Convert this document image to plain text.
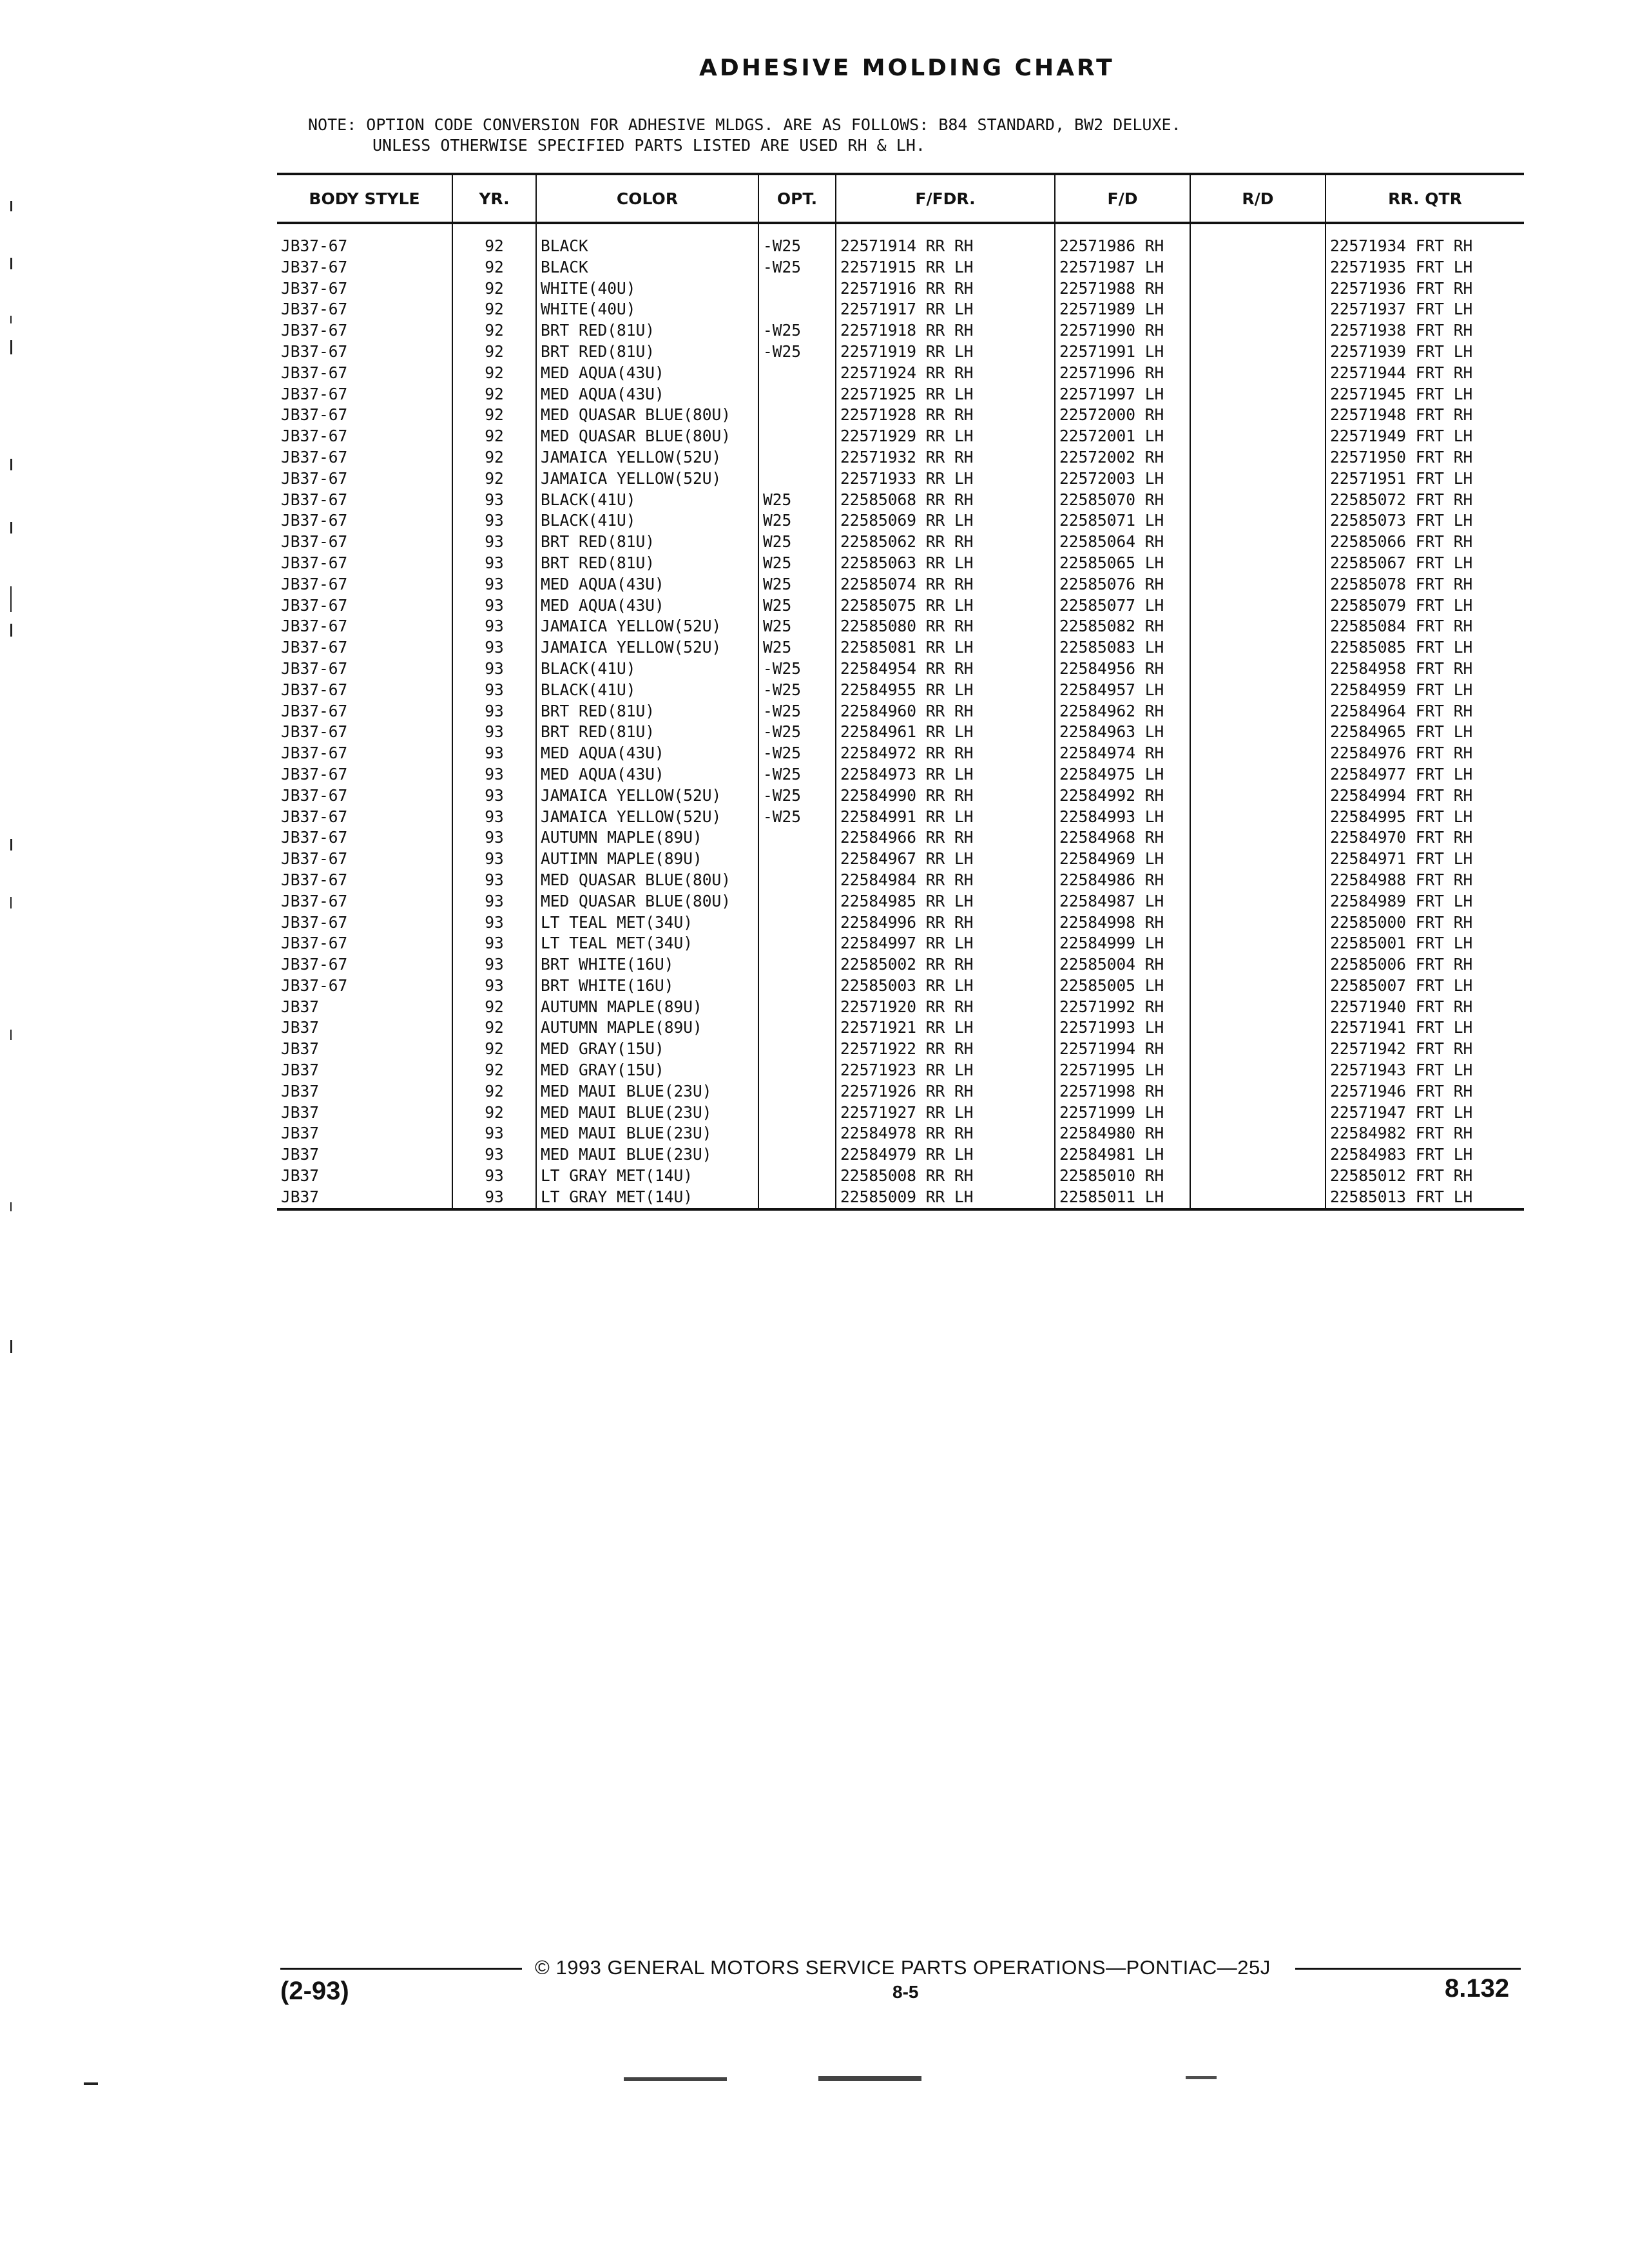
ADHESIVE MOLDING CHART
NOTE: OPTION CODE CONVERSION FOR ADHESIVE MLDGS. ARE AS FOLLOWS: B84 STANDARD, BW2 DELUXE.
UNLESS OTHERWISE SPECIFIED PARTS LISTED ARE USED RH & LH.
BODY STYLE	YR.	COLOR	OPT.	F/FDR.	F/D	R/D	RR. QTR

JB37-67	92	BLACK	-W25	22571914 RR RH	22571986 RH		22571934 FRT RH
JB37-67	92	BLACK	-W25	22571915 RR LH	22571987 LH		22571935 FRT LH
JB37-67	92	WHITE(40U)		22571916 RR RH	22571988 RH		22571936 FRT RH
JB37-67	92	WHITE(40U)		22571917 RR LH	22571989 LH		22571937 FRT LH
JB37-67	92	BRT RED(81U)	-W25	22571918 RR RH	22571990 RH		22571938 FRT RH
JB37-67	92	BRT RED(81U)	-W25	22571919 RR LH	22571991 LH		22571939 FRT LH
JB37-67	92	MED AQUA(43U)		22571924 RR RH	22571996 RH		22571944 FRT RH
JB37-67	92	MED AQUA(43U)		22571925 RR LH	22571997 LH		22571945 FRT LH
JB37-67	92	MED QUASAR BLUE(80U)		22571928 RR RH	22572000 RH		22571948 FRT RH
JB37-67	92	MED QUASAR BLUE(80U)		22571929 RR LH	22572001 LH		22571949 FRT LH
JB37-67	92	JAMAICA YELLOW(52U)		22571932 RR RH	22572002 RH		22571950 FRT RH
JB37-67	92	JAMAICA YELLOW(52U)		22571933 RR LH	22572003 LH		22571951 FRT LH
JB37-67	93	BLACK(41U)	W25	22585068 RR RH	22585070 RH		22585072 FRT RH
JB37-67	93	BLACK(41U)	W25	22585069 RR LH	22585071 LH		22585073 FRT LH
JB37-67	93	BRT RED(81U)	W25	22585062 RR RH	22585064 RH		22585066 FRT RH
JB37-67	93	BRT RED(81U)	W25	22585063 RR LH	22585065 LH		22585067 FRT LH
JB37-67	93	MED AQUA(43U)	W25	22585074 RR RH	22585076 RH		22585078 FRT RH
JB37-67	93	MED AQUA(43U)	W25	22585075 RR LH	22585077 LH		22585079 FRT LH
JB37-67	93	JAMAICA YELLOW(52U)	W25	22585080 RR RH	22585082 RH		22585084 FRT RH
JB37-67	93	JAMAICA YELLOW(52U)	W25	22585081 RR LH	22585083 LH		22585085 FRT LH
JB37-67	93	BLACK(41U)	-W25	22584954 RR RH	22584956 RH		22584958 FRT RH
JB37-67	93	BLACK(41U)	-W25	22584955 RR LH	22584957 LH		22584959 FRT LH
JB37-67	93	BRT RED(81U)	-W25	22584960 RR RH	22584962 RH		22584964 FRT RH
JB37-67	93	BRT RED(81U)	-W25	22584961 RR LH	22584963 LH		22584965 FRT LH
JB37-67	93	MED AQUA(43U)	-W25	22584972 RR RH	22584974 RH		22584976 FRT RH
JB37-67	93	MED AQUA(43U)	-W25	22584973 RR LH	22584975 LH		22584977 FRT LH
JB37-67	93	JAMAICA YELLOW(52U)	-W25	22584990 RR RH	22584992 RH		22584994 FRT RH
JB37-67	93	JAMAICA YELLOW(52U)	-W25	22584991 RR LH	22584993 LH		22584995 FRT LH
JB37-67	93	AUTUMN MAPLE(89U)		22584966 RR RH	22584968 RH		22584970 FRT RH
JB37-67	93	AUTIMN MAPLE(89U)		22584967 RR LH	22584969 LH		22584971 FRT LH
JB37-67	93	MED QUASAR BLUE(80U)		22584984 RR RH	22584986 RH		22584988 FRT RH
JB37-67	93	MED QUASAR BLUE(80U)		22584985 RR LH	22584987 LH		22584989 FRT LH
JB37-67	93	LT TEAL MET(34U)		22584996 RR RH	22584998 RH		22585000 FRT RH
JB37-67	93	LT TEAL MET(34U)		22584997 RR LH	22584999 LH		22585001 FRT LH
JB37-67	93	BRT WHITE(16U)		22585002 RR RH	22585004 RH		22585006 FRT RH
JB37-67	93	BRT WHITE(16U)		22585003 RR LH	22585005 LH		22585007 FRT LH
JB37	92	AUTUMN MAPLE(89U)		22571920 RR RH	22571992 RH		22571940 FRT RH
JB37	92	AUTUMN MAPLE(89U)		22571921 RR LH	22571993 LH		22571941 FRT LH
JB37	92	MED GRAY(15U)		22571922 RR RH	22571994 RH		22571942 FRT RH
JB37	92	MED GRAY(15U)		22571923 RR LH	22571995 LH		22571943 FRT LH
JB37	92	MED MAUI BLUE(23U)		22571926 RR RH	22571998 RH		22571946 FRT RH
JB37	92	MED MAUI BLUE(23U)		22571927 RR LH	22571999 LH		22571947 FRT LH
JB37	93	MED MAUI BLUE(23U)		22584978 RR RH	22584980 RH		22584982 FRT RH
JB37	93	MED MAUI BLUE(23U)		22584979 RR LH	22584981 LH		22584983 FRT LH
JB37	93	LT GRAY MET(14U)		22585008 RR RH	22585010 RH		22585012 FRT RH
JB37	93	LT GRAY MET(14U)		22585009 RR LH	22585011 LH		22585013 FRT LH
© 1993 GENERAL MOTORS SERVICE PARTS OPERATIONS—PONTIAC—25J
(2-93)	8-5	8.132
